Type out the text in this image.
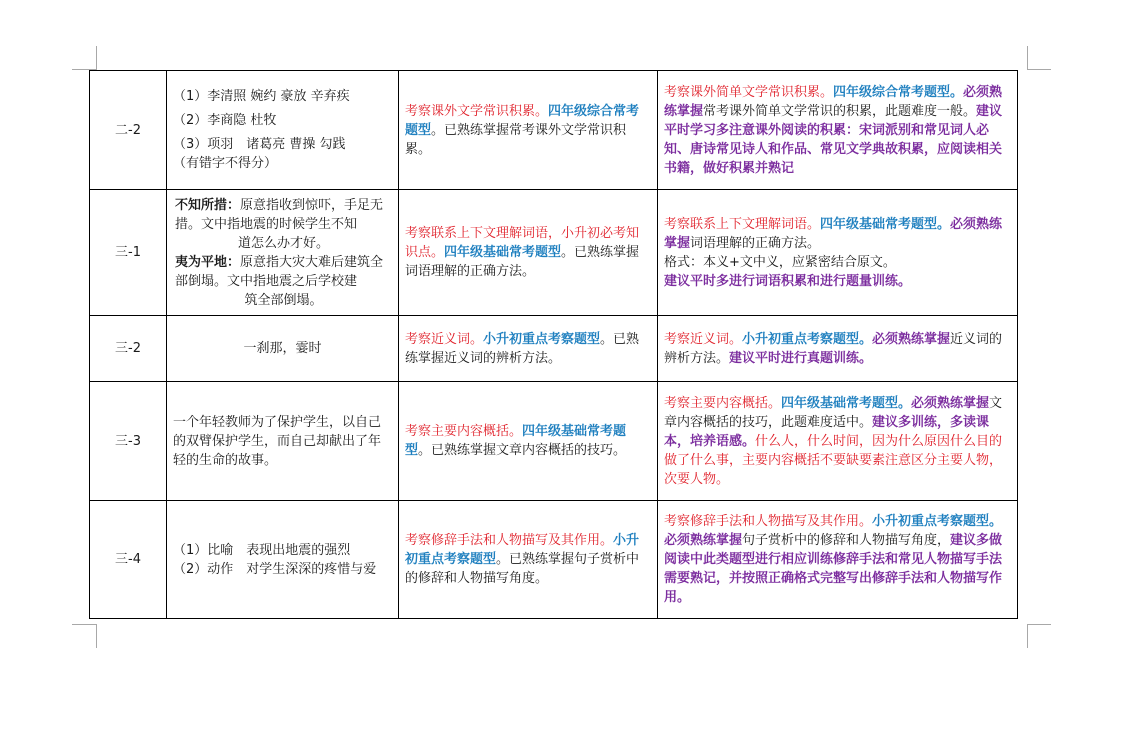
二-2	（1）李清照 婉约 豪放 辛弃疾
（2）李商隐 杜牧
（3）项羽　诸葛亮 曹操 勾践
（有错字不得分）	考察课外文学常识积累。四年级综合常考题型。已熟练掌握常考课外文学常识积累。	考察课外简单文学常识积累。四年级综合常考题型。必须熟练掌握常考课外简单文学常识的积累，此题难度一般。建议平时学习多注意课外阅读的积累：宋词派别和常见词人必知、唐诗常见诗人和作品、常见文学典故积累，应阅读相关书籍，做好积累并熟记
三-1	不知所措：原意指收到惊吓，手足无措。文中指地震的时候学生不知
道怎么办才好。
夷为平地：原意指大灾大难后建筑全部倒塌。文中指地震之后学校建
筑全部倒塌。	考察联系上下文理解词语，小升初必考知识点。四年级基础常考题型。已熟练掌握词语理解的正确方法。	考察联系上下文理解词语。四年级基础常考题型。必须熟练掌握词语理解的正确方法。
格式：本义+文中义，应紧密结合原文。
建议平时多进行词语积累和进行题量训练。

三-2	一刹那，霎时	考察近义词。小升初重点考察题型。已熟练掌握近义词的辨析方法。	考察近义词。小升初重点考察题型。必须熟练掌握近义词的辨析方法。建议平时进行真题训练。
三-3	一个年轻教师为了保护学生，以自己的双臂保护学生，而自己却献出了年轻的生命的故事。	考察主要内容概括。四年级基础常考题型。已熟练掌握文章内容概括的技巧。	考察主要内容概括。四年级基础常考题型。必须熟练掌握文章内容概括的技巧，此题难度适中。建议多训练，多读课本，培养语感。什么人，什么时间，因为什么原因什么目的做了什么事，主要内容概括不要缺要素注意区分主要人物，次要人物。
三-4	（1）比喻　表现出地震的强烈
（2）动作　对学生深深的疼惜与爱	考察修辞手法和人物描写及其作用。小升初重点考察题型。已熟练掌握句子赏析中的修辞和人物描写角度。	考察修辞手法和人物描写及其作用。小升初重点考察题型。必须熟练掌握句子赏析中的修辞和人物描写角度，建议多做阅读中此类题型进行相应训练修辞手法和常见人物描写手法需要熟记，并按照正确格式完整写出修辞手法和人物描写作用。
